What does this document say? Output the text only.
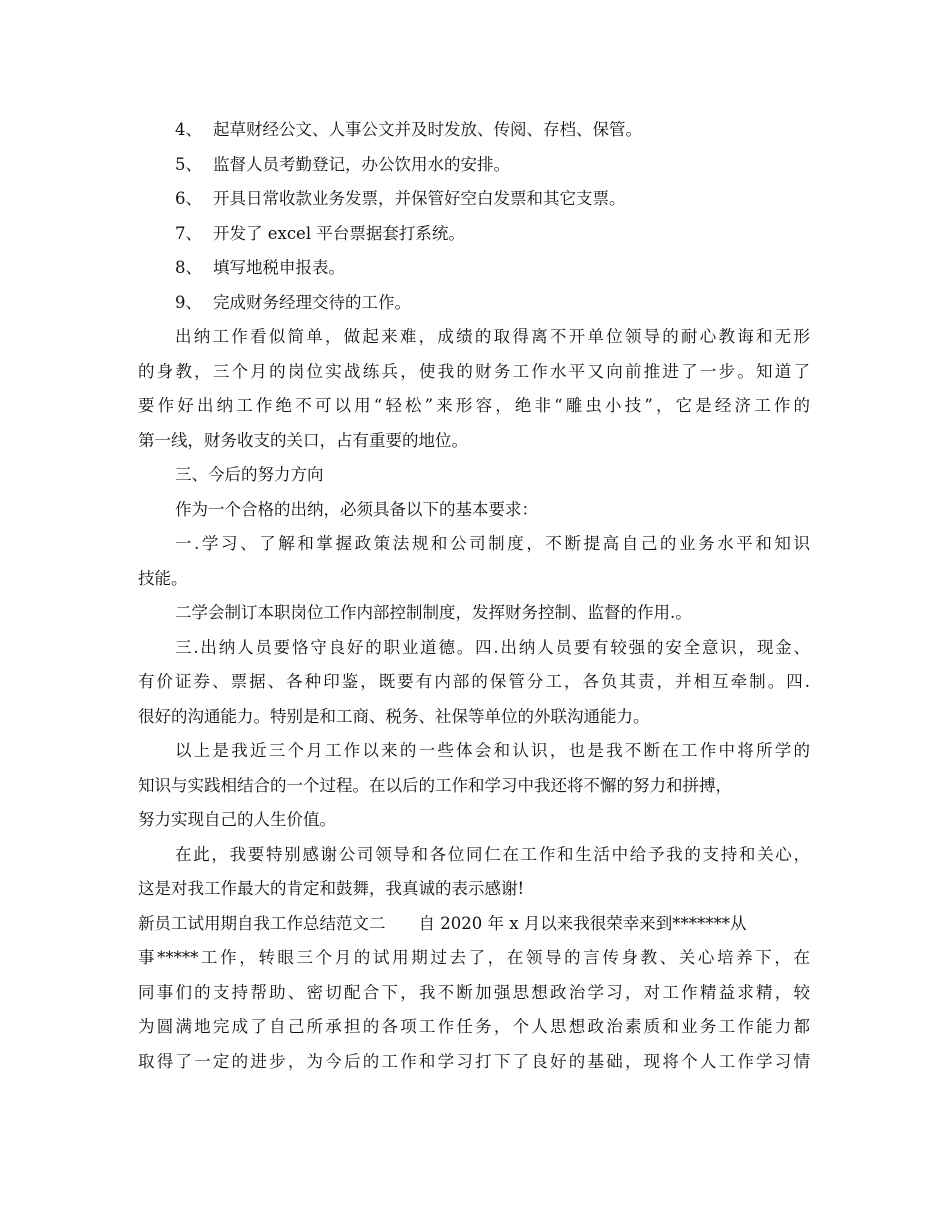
4、 起草财经公文、人事公文并及时发放、传阅、存档、保管。
5、 监督人员考勤登记，办公饮用水的安排。
6、 开具日常收款业务发票，并保管好空白发票和其它支票。
7、 开发了 excel 平台票据套打系统。
8、 填写地税申报表。
9、 完成财务经理交待的工作。
出纳工作看似简单，做起来难，成绩的取得离不开单位领导的耐心教诲和无形
的身教，三个月的岗位实战练兵，使我的财务工作水平又向前推进了一步。知道了
要作好出纳工作绝不可以用“轻松”来形容，绝非“雕虫小技”，它是经济工作的
第一线，财务收支的关口，占有重要的地位。
三、今后的努力方向
作为一个合格的出纳，必须具备以下的基本要求：
一.学习、了解和掌握政策法规和公司制度，不断提高自己的业务水平和知识
技能。
二学会制订本职岗位工作内部控制制度，发挥财务控制、监督的作用.。
三.出纳人员要恪守良好的职业道德。四.出纳人员要有较强的安全意识，现金、
有价证券、票据、各种印鉴，既要有内部的保管分工，各负其责，并相互牵制。四.
很好的沟通能力。特别是和工商、税务、社保等单位的外联沟通能力。
以上是我近三个月工作以来的一些体会和认识，也是我不断在工作中将所学的
知识与实践相结合的一个过程。在以后的工作和学习中我还将不懈的努力和拼搏，
努力实现自己的人生价值。
在此，我要特别感谢公司领导和各位同仁在工作和生活中给予我的支持和关心，
这是对我工作最大的肯定和鼓舞，我真诚的表示感谢!
新员工试用期自我工作总结范文二　　自 2020 年 x 月以来我很荣幸来到*******从
事*****工作，转眼三个月的试用期过去了，在领导的言传身教、关心培养下，在
同事们的支持帮助、密切配合下，我不断加强思想政治学习，对工作精益求精，较
为圆满地完成了自己所承担的各项工作任务，个人思想政治素质和业务工作能力都
取得了一定的进步，为今后的工作和学习打下了良好的基础，现将个人工作学习情
